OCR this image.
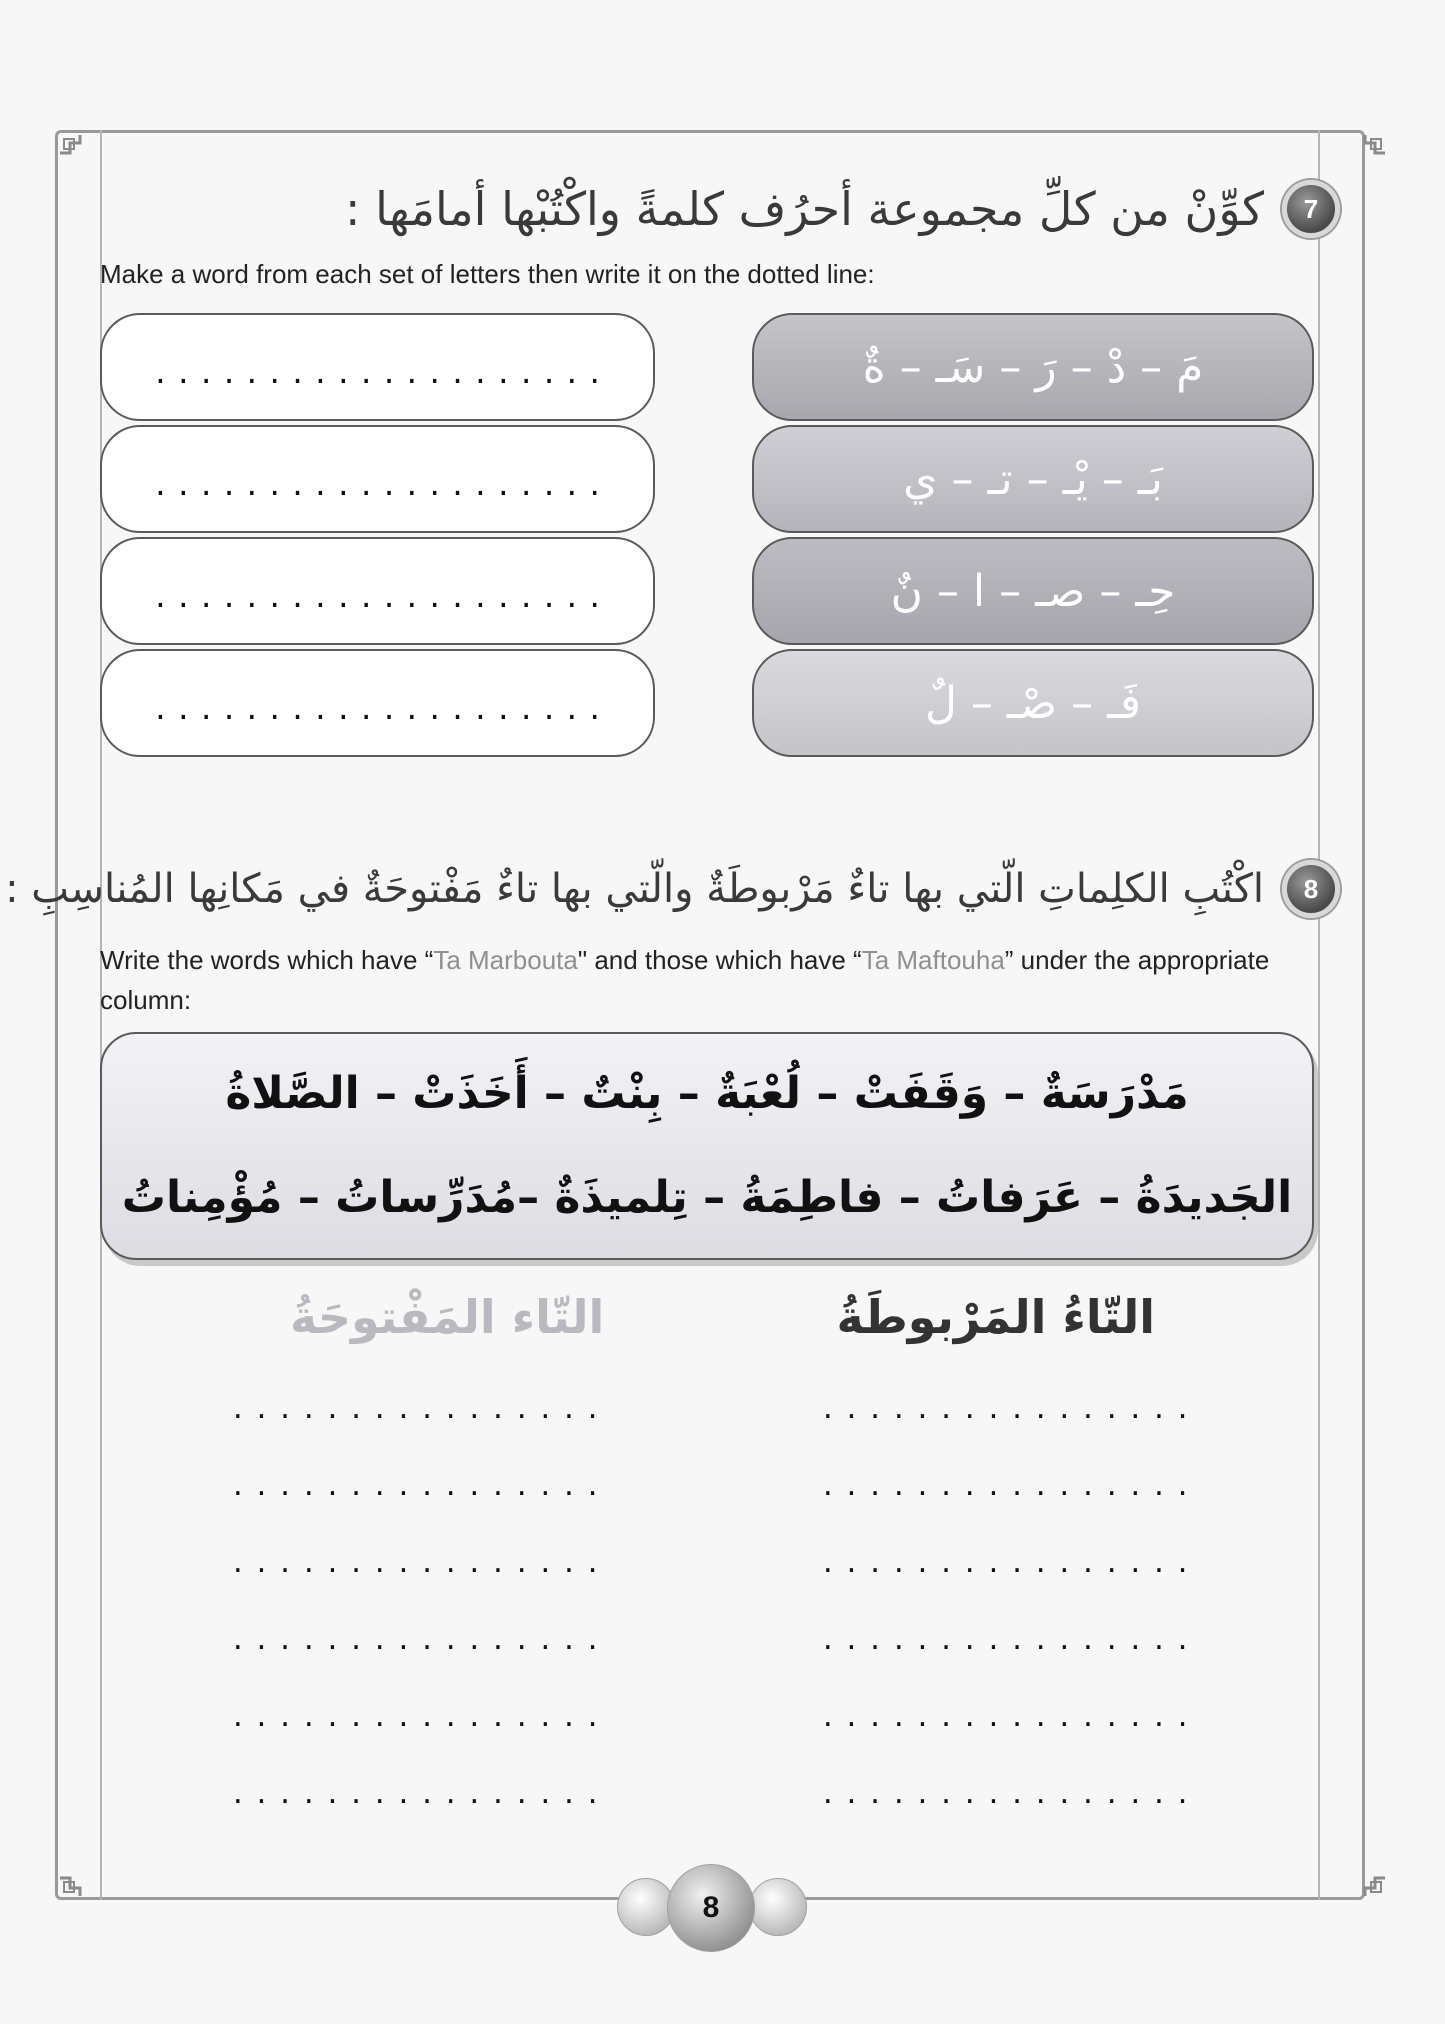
7
كوِّنْ من كلِّ مجموعة أحرُف كلمةً واكْتُبْها أمامَها :
Make a word from each set of letters then write it on the dotted line:
....................
....................
....................
....................
مَ – دْ – رَ – سَـ – ةٌ
بَـ – يْـ – تـ – ي
حِـ – صـ – ا – نٌ
فَـ – صْـ – لٌ
8
اكْتُبِ الكلِماتِ الّتي بها تاءٌ مَرْبوطَةٌ والّتي بها تاءٌ مَفْتوحَةٌ في مَكانِها المُناسِبِ :
Write the words which have “Ta Marbouta" and those which have “Ta Maftouha” under the appropriate column:
مَدْرَسَةٌ – وَقَفَتْ – لُعْبَةٌ – بِنْتٌ – أَخَذَتْ – الصَّلاةُ
الجَديدَةُ – عَرَفاتُ – فاطِمَةُ – تِلميذَةٌ –مُدَرِّساتُ – مُؤْمِناتُ
التّاءُ المَرْبوطَةُ
التّاء المَفْتوحَةُ
................
................
................
................
................
................
................
................
................
................
................
................
8
